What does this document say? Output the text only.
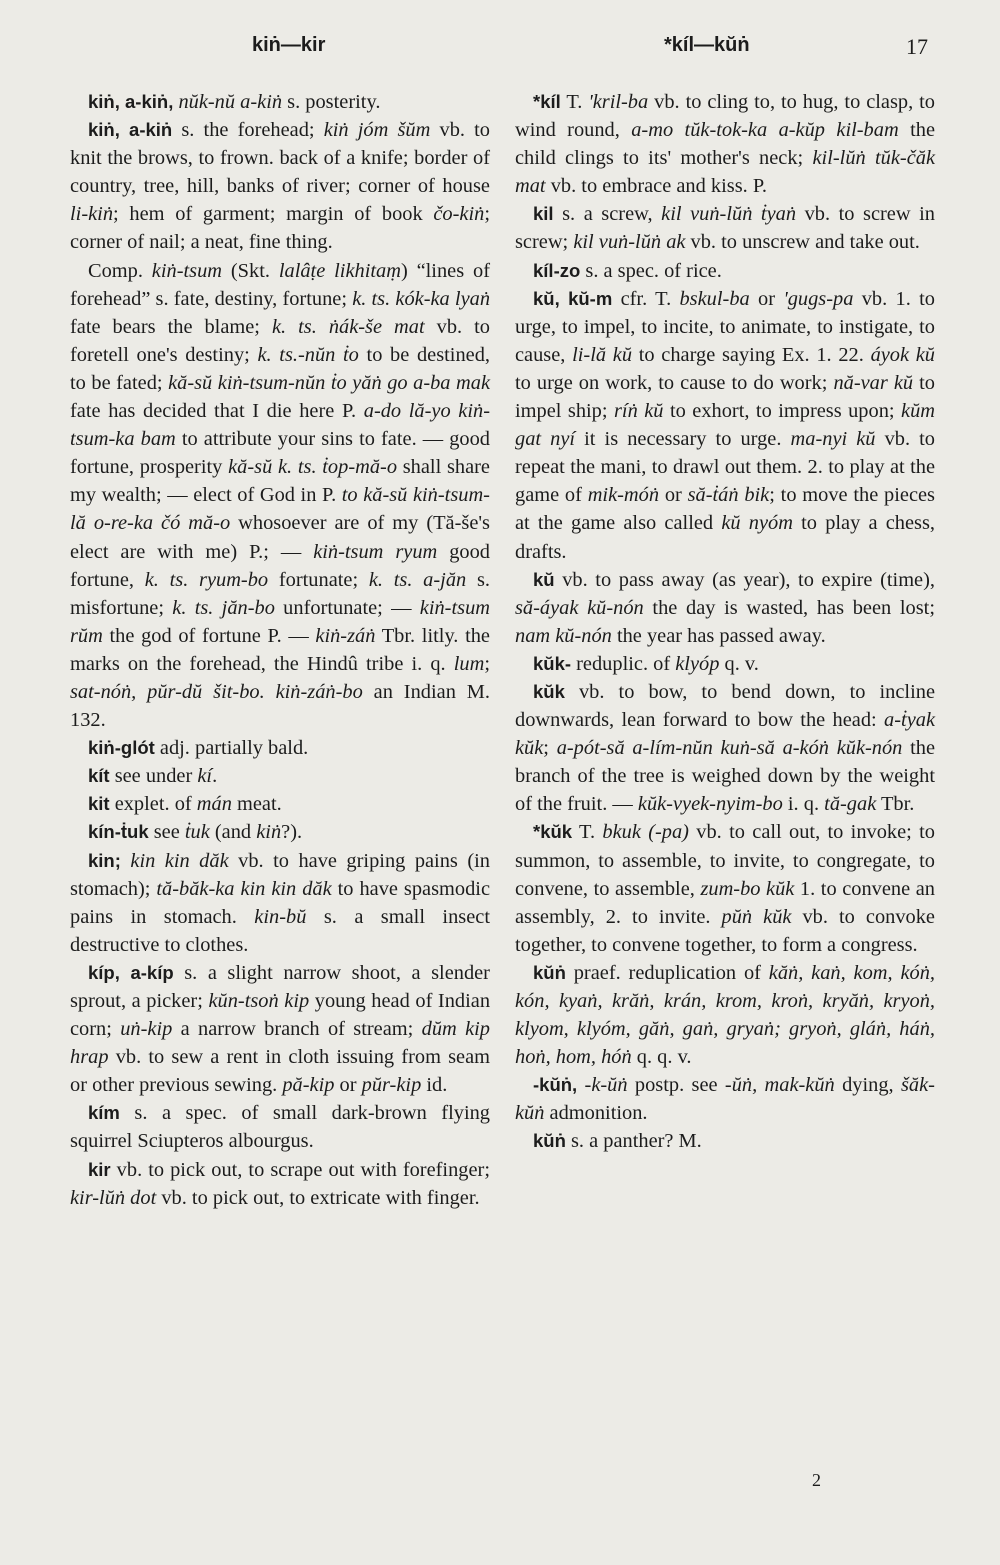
kiṅ—kir	*kíl—kŭṅ	17

kiṅ, a-kiṅ, nŭk-nŭ a-kiṅ s. posterity.

kiṅ, a-kiṅ s. the forehead; kiṅ jóm šŭm vb. to knit the brows, to frown. back of a knife; border of country, tree, hill, banks of river; corner of house li-kiṅ; hem of garment; margin of book čo-kiṅ; corner of nail; a neat, fine thing.

Comp. kiṅ-tsum (Skt. lalâṭe likhitaṃ) “lines of forehead” s. fate, destiny, fortune; k. ts. kók-ka lyaṅ fate bears the blame; k. ts. ṅák-še mat vb. to foretell one's destiny; k. ts.-nŭn ṫo to be destined, to be fated; kă-sŭ kiṅ-tsum-nŭn ṫo yăṅ go a-ba mak fate has decided that I die here P. a-do lă-yo kiṅ-tsum-ka bam to attribute your sins to fate. — good fortune, prosperity kă-sŭ k. ts. ṫop-mă-o shall share my wealth; — elect of God in P. to kă-sŭ kiṅ-tsum-lă o-re-ka čó mă-o whosoever are of my (Tă-še's elect are with me) P.; — kiṅ-tsum ryum good fortune, k. ts. ryum-bo fortunate; k. ts. a-jăn s. misfortune; k. ts. jăn-bo unfortunate; — kiṅ-tsum rŭm the god of fortune P. — kiṅ-záṅ Tbr. litly. the marks on the forehead, the Hindû tribe i. q. lum; sat-nóṅ, pŭr-dŭ šit-bo. kiṅ-záṅ-bo an Indian M. 132.

kiṅ-glót adj. partially bald.

kít see under kí.

kit explet. of mán meat.

kín-ṫuk see ṫuk (and kiṅ?).

kin; kin kin dăk vb. to have griping pains (in stomach); tă-băk-ka kin kin dăk to have spasmodic pains in stomach. kin-bŭ s. a small insect destructive to clothes.

kíp, a-kíp s. a slight narrow shoot, a slender sprout, a picker; kŭn-tsoṅ kip young head of Indian corn; uṅ-kip a narrow branch of stream; dŭm kip hrap vb. to sew a rent in cloth issuing from seam or other previous sewing. pă-kip or pŭr-kip id.

kím s. a spec. of small dark-brown flying squirrel Sciupteros albourgus.

kir vb. to pick out, to scrape out with forefinger; kir-lŭṅ dot vb. to pick out, to extricate with finger.

*kíl T. 'kril-ba vb. to cling to, to hug, to clasp, to wind round, a-mo tŭk-tok-ka a-kŭp kil-bam the child clings to its' mother's neck; kil-lŭṅ tŭk-čăk mat vb. to embrace and kiss. P.

kil s. a screw, kil vuṅ-lŭṅ ṫyaṅ vb. to screw in screw; kil vuṅ-lŭṅ ak vb. to unscrew and take out.

kíl-zo s. a spec. of rice.

kŭ, kŭ-m cfr. T. bskul-ba or 'gugs-pa vb. 1. to urge, to impel, to incite, to animate, to instigate, to cause, li-lă kŭ to charge saying Ex. 1. 22. áyok kŭ to urge on work, to cause to do work; nă-var kŭ to impel ship; ríṅ kŭ to exhort, to impress upon; kŭm gat nyí it is necessary to urge. ma-nyi kŭ vb. to repeat the mani, to drawl out them. 2. to play at the game of mik-móṅ or să-ṫáṅ bik; to move the pieces at the game also called kŭ nyóm to play a chess, drafts.

kŭ vb. to pass away (as year), to expire (time), să-áyak kŭ-nón the day is wasted, has been lost; nam kŭ-nón the year has passed away.

kŭk- reduplic. of klyóp q. v.

kŭk vb. to bow, to bend down, to incline downwards, lean forward to bow the head: a-ṫyak kŭk; a-pót-să a-lím-nŭn kuṅ-să a-kóṅ kŭk-nón the branch of the tree is weighed down by the weight of the fruit. — kŭk-vyek-nyim-bo i. q. tă-gak Tbr.

*kŭk T. bkuk (-pa) vb. to call out, to invoke; to summon, to assemble, to invite, to congregate, to convene, to assemble, zum-bo kŭk 1. to convene an assembly, 2. to invite. pŭṅ kŭk vb. to convoke together, to convene together, to form a congress.

kŭṅ praef. reduplication of kăṅ, kaṅ, kom, kóṅ, kón, kyaṅ, krăṅ, krán, krom, kroṅ, kryăṅ, kryoṅ, klyom, klyóm, găṅ, gaṅ, gryaṅ; gryoṅ, gláṅ, háṅ, hoṅ, hom, hóṅ q. q. v.

-kŭṅ, -k-ŭṅ postp. see -ŭṅ, mak-kŭṅ dying, šăk-kŭṅ admonition.

kŭṅ s. a panther? M.

2
